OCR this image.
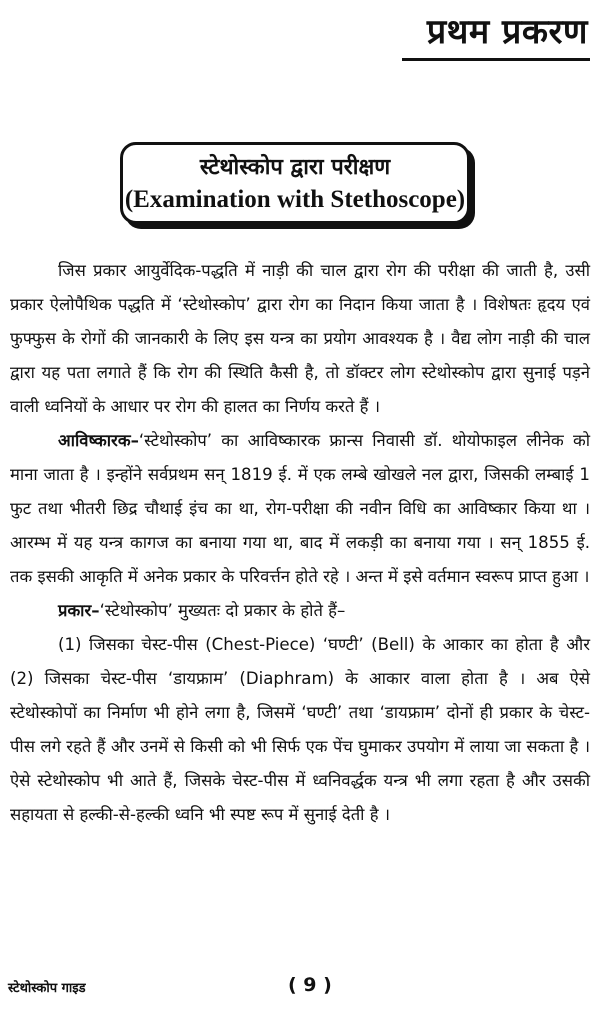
प्रथम प्रकरण
स्टेथोस्कोप द्वारा परीक्षण
(Examination with Stethoscope)

जिस प्रकार आयुर्वेदिक-पद्धति में नाड़ी की चाल द्वारा रोग की परीक्षा की जाती है, उसी प्रकार ऐलोपैथिक पद्धति में ‘स्टेथोस्कोप’ द्वारा रोग का निदान किया जाता है । विशेषतः हृदय एवं फुफ्फुस के रोगों की जानकारी के लिए इस यन्त्र का प्रयोग आवश्यक है । वैद्य लोग नाड़ी की चाल द्वारा यह पता लगाते हैं कि रोग की स्थिति कैसी है, तो डॉक्टर लोग स्टेथोस्कोप द्वारा सुनाई पड़ने वाली ध्वनियों के आधार पर रोग की हालत का निर्णय करते हैं ।

आविष्कारक–‘स्टेथोस्कोप’ का आविष्कारक फ्रान्स निवासी डॉ. थोयोफाइल लीनेक को माना जाता है । इन्होंने सर्वप्रथम सन् 1819 ई. में एक लम्बे खोखले नल द्वारा, जिसकी लम्बाई 1 फुट तथा भीतरी छिद्र चौथाई इंच का था, रोग-परीक्षा की नवीन विधि का आविष्कार किया था । आरम्भ में यह यन्त्र कागज का बनाया गया था, बाद में लकड़ी का बनाया गया । सन् 1855 ई. तक इसकी आकृति में अनेक प्रकार के परिवर्त्तन होते रहे । अन्त में इसे वर्तमान स्वरूप प्राप्त हुआ ।

प्रकार–‘स्टेथोस्कोप’ मुख्यतः दो प्रकार के होते हैं–

(1) जिसका चेस्ट-पीस (Chest-Piece) ‘घण्टी’ (Bell) के आकार का होता है और (2) जिसका चेस्ट-पीस ‘डायफ्राम’ (Diaphram) के आकार वाला होता है । अब ऐसे स्टेथोस्कोपों का निर्माण भी होने लगा है, जिसमें ‘घण्टी’ तथा ‘डायफ्राम’ दोनों ही प्रकार के चेस्ट-पीस लगे रहते हैं और उनमें से किसी को भी सिर्फ एक पेंच घुमाकर उपयोग में लाया जा सकता है । ऐसे स्टेथोस्कोप भी आते हैं, जिसके चेस्ट-पीस में ध्वनिवर्द्धक यन्त्र भी लगा रहता है और उसकी सहायता से हल्की-से-हल्की ध्वनि भी स्पष्ट रूप में सुनाई देती है ।

स्टेथोस्कोप गाइड	( 9 )
